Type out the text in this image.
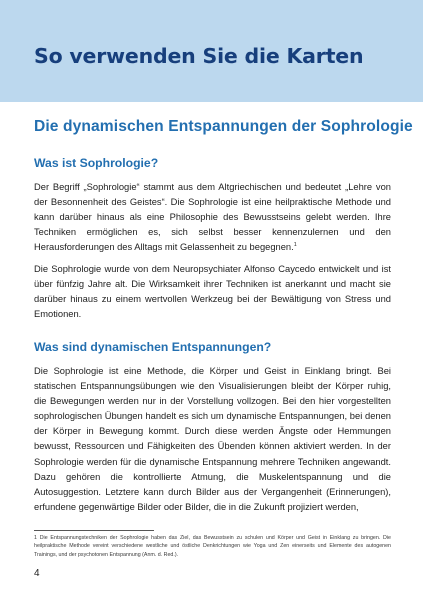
So verwenden Sie die Karten
Die dynamischen Entspannungen der Sophrologie
Was ist Sophrologie?

Der Begriff „Sophrologie“ stammt aus dem Altgriechischen und bedeutet „Lehre von der Besonnenheit des Geistes“. Die Sophrologie ist eine heilpraktische Methode und kann darüber hinaus als eine Philosophie des Bewusstseins gelebt werden. Ihre Techniken ermöglichen es, sich selbst besser kennenzulernen und den Herausforderungen des Alltags mit Gelassenheit zu begegnen.$^1$

Die Sophrologie wurde von dem Neuropsychiater Alfonso Caycedo entwickelt und ist über fünfzig Jahre alt. Die Wirksamkeit ihrer Techniken ist anerkannt und macht sie darüber hinaus zu einem wertvollen Werkzeug bei der Bewältigung von Stress und Emotionen.

Was sind dynamischen Entspannungen?

Die Sophrologie ist eine Methode, die Körper und Geist in Einklang bringt. Bei statischen Entspannungsübungen wie den Visualisierungen bleibt der Körper ruhig, die Bewegungen werden nur in der Vorstellung vollzogen. Bei den hier vorgestellten sophrologischen Übungen handelt es sich um dynamische Entspannungen, bei denen der Körper in Bewegung kommt. Durch diese werden Ängste oder Hemmungen bewusst, Ressourcen und Fähigkeiten des Übenden können aktiviert werden. In der Sophrologie werden für die dynamische Entspannung mehrere Techniken angewandt. Dazu gehören die kontrollierte Atmung, die Muskelentspannung und die Autosuggestion. Letztere kann durch Bilder aus der Vergangenheit (Erinnerungen), erfundene gegenwärtige Bilder oder Bilder, die in die Zukunft projiziert werden,

1 Die Entspannungstechniken der Sophrologie haben das Ziel, das Bewusstsein zu schulen und Körper und Geist in Einklang zu bringen. Die heilpraktische Methode vereint verschiedene westliche und östliche Denkrichtungen wie Yoga und Zen einerseits und Elemente des autogenen Trainings, und der psychotonen Entspannung (Anm. d. Red.).

4
